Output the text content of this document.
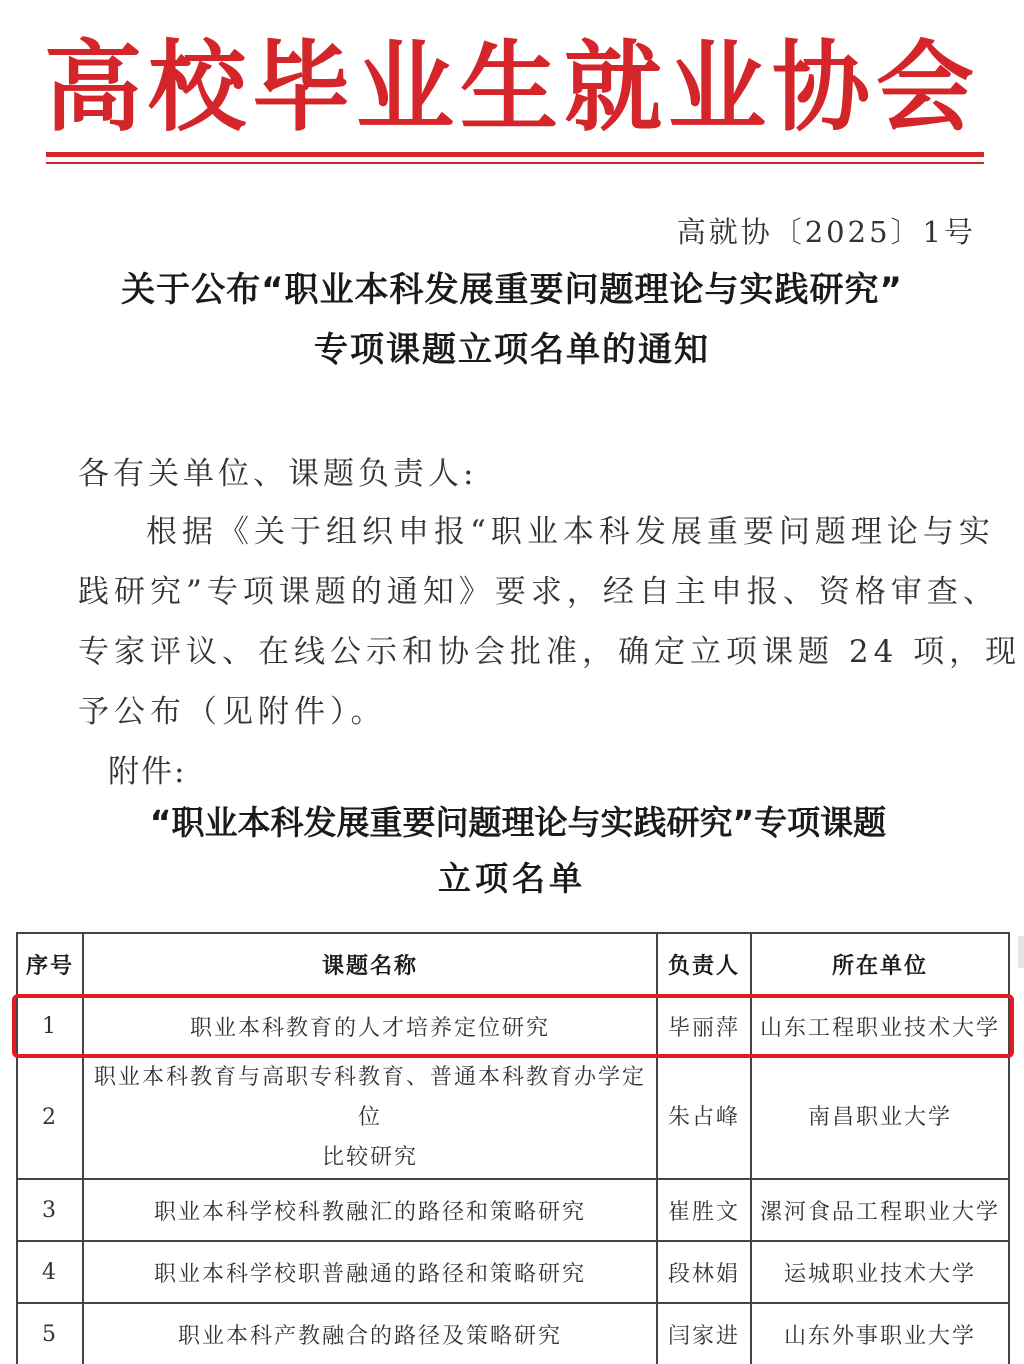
高校毕业生就业协会
高就协〔2025〕1号
关于公布“职业本科发展重要问题理论与实践研究”
专项课题立项名单的通知
各有关单位、课题负责人:
根据《关于组织申报“职业本科发展重要问题理论与实
践研究”专项课题的通知》要求，经自主申报、资格审查、
专家评议、在线公示和协会批准，确定立项课题 24 项，现
予公布（见附件）。
附件:
“职业本科发展重要问题理论与实践研究”专项课题
立项名单
序号	课题名称	负责人	所在单位
1	职业本科教育的人才培养定位研究	毕丽萍	山东工程职业技术大学
2	职业本科教育与高职专科教育、普通本科教育办学定位
比较研究	朱占峰	南昌职业大学
3	职业本科学校科教融汇的路径和策略研究	崔胜文	漯河食品工程职业大学
4	职业本科学校职普融通的路径和策略研究	段林娟	运城职业技术大学
5	职业本科产教融合的路径及策略研究	闫家进	山东外事职业大学
